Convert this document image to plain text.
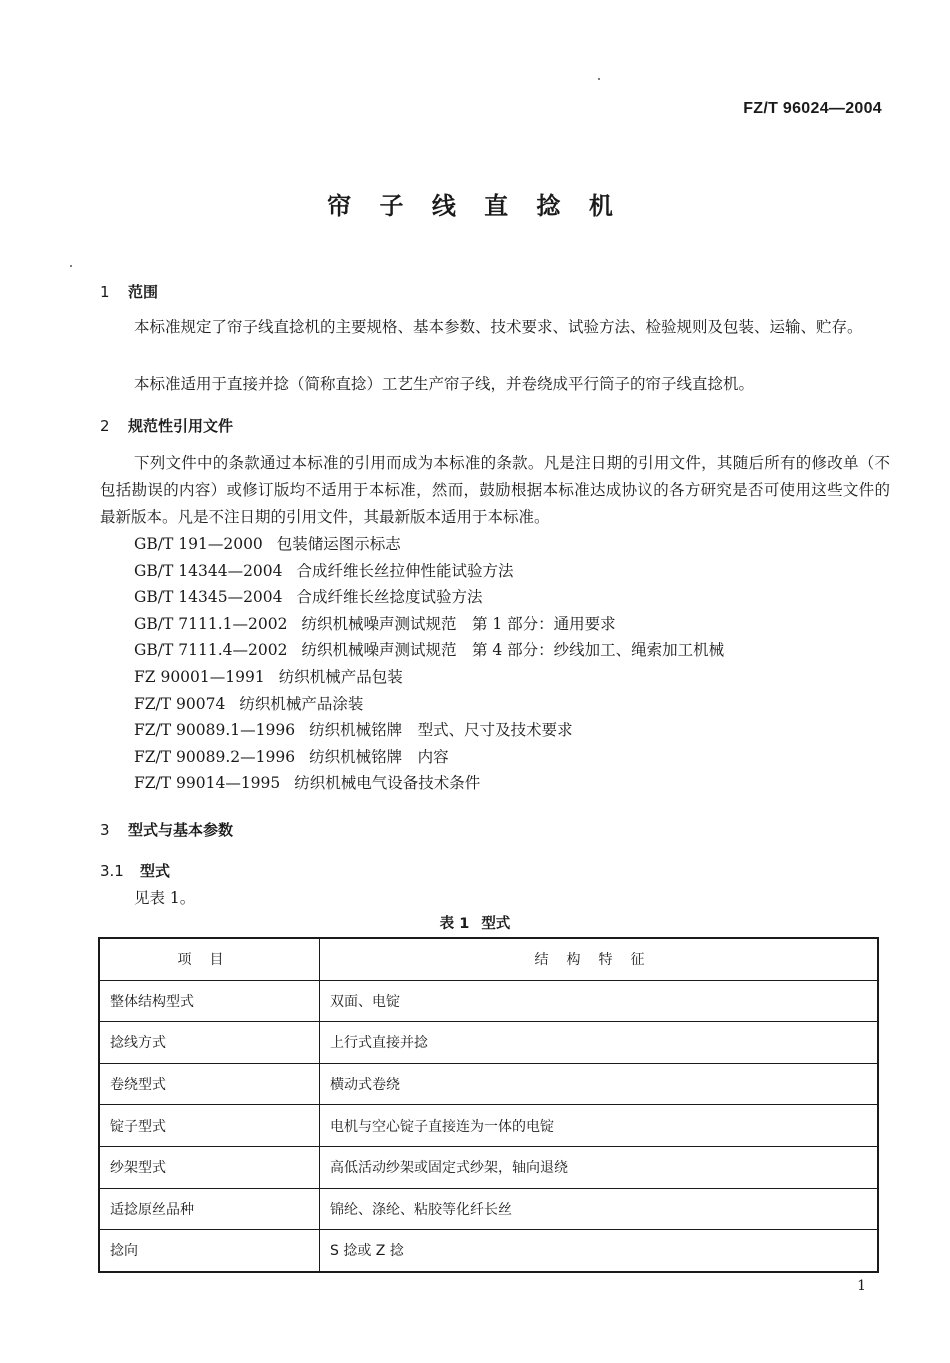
FZ/T 96024—2004
帘 子 线 直 捻 机
1 范围
本标准规定了帘子线直捻机的主要规格、基本参数、技术要求、试验方法、检验规则及包装、运输、贮存。
本标准适用于直接并捻（简称直捻）工艺生产帘子线，并卷绕成平行筒子的帘子线直捻机。
2 规范性引用文件
下列文件中的条款通过本标准的引用而成为本标准的条款。凡是注日期的引用文件，其随后所有的修改单（不包括勘误的内容）或修订版均不适用于本标准，然而，鼓励根据本标准达成协议的各方研究是否可使用这些文件的最新版本。凡是不注日期的引用文件，其最新版本适用于本标准。
GB/T 191—2000 包装储运图示标志
GB/T 14344—2004 合成纤维长丝拉伸性能试验方法
GB/T 14345—2004 合成纤维长丝捻度试验方法
GB/T 7111.1—2002 纺织机械噪声测试规范　第 1 部分：通用要求
GB/T 7111.4—2002 纺织机械噪声测试规范　第 4 部分：纱线加工、绳索加工机械
FZ 90001—1991 纺织机械产品包装
FZ/T 90074 纺织机械产品涂装
FZ/T 90089.1—1996 纺织机械铭牌　型式、尺寸及技术要求
FZ/T 90089.2—1996 纺织机械铭牌　内容
FZ/T 99014—1995 纺织机械电气设备技术条件
3 型式与基本参数
3.1 型式
见表 1。
表 1 型式
项目	结构特征
整体结构型式	双面、电锭
捻线方式	上行式直接并捻
卷绕型式	横动式卷绕
锭子型式	电机与空心锭子直接连为一体的电锭
纱架型式	高低活动纱架或固定式纱架，轴向退绕
适捻原丝品种	锦纶、涤纶、粘胶等化纤长丝
捻向	S 捻或 Z 捻
1
